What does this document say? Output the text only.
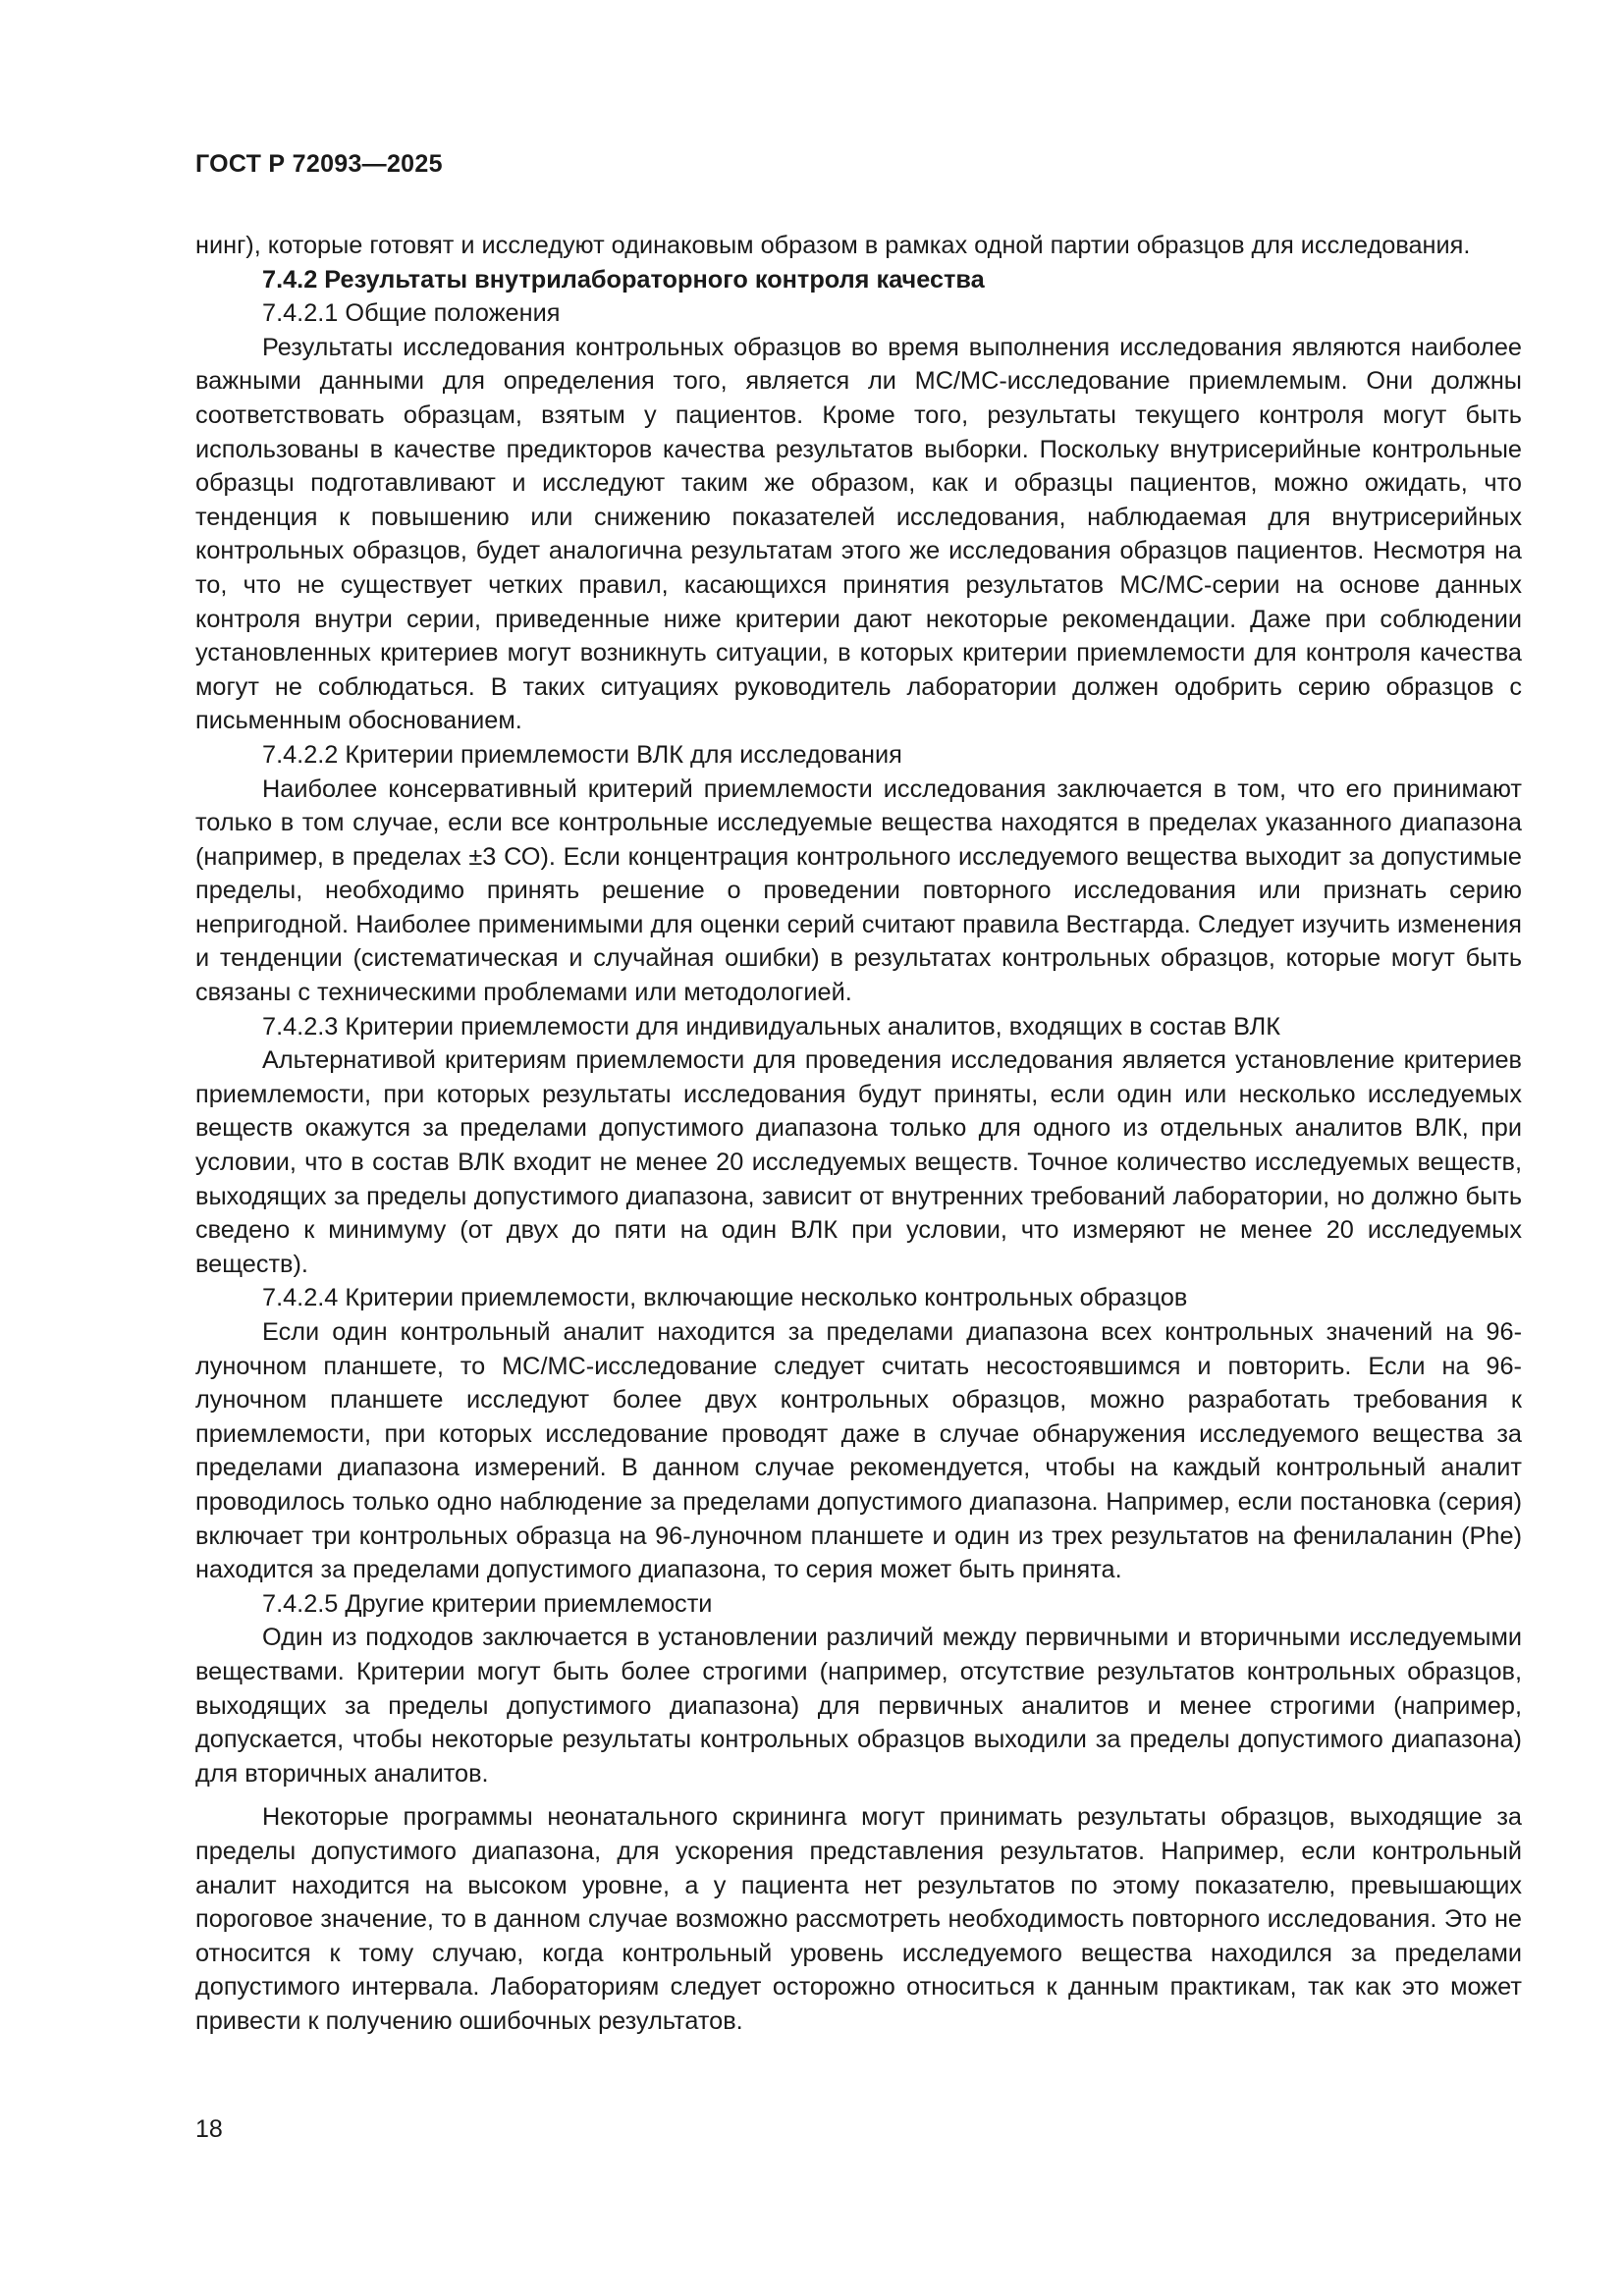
ГОСТ Р 72093—2025

нинг), которые готовят и исследуют одинаковым образом в рамках одной партии образцов для исследования.

7.4.2 Результаты внутрилабораторного контроля качества

7.4.2.1 Общие положения

Результаты исследования контрольных образцов во время выполнения исследования являются наиболее важными данными для определения того, является ли МС/МС-исследование приемлемым. Они должны соответствовать образцам, взятым у пациентов. Кроме того, результаты текущего контроля могут быть использованы в качестве предикторов качества результатов выборки. Поскольку внутрисерийные контрольные образцы подготавливают и исследуют таким же образом, как и образцы пациентов, можно ожидать, что тенденция к повышению или снижению показателей исследования, наблюдаемая для внутрисерийных контрольных образцов, будет аналогична результатам этого же исследования образцов пациентов. Несмотря на то, что не существует четких правил, касающихся принятия результатов МС/МС-серии на основе данных контроля внутри серии, приведенные ниже критерии дают некоторые рекомендации. Даже при соблюдении установленных критериев могут возникнуть ситуации, в которых критерии приемлемости для контроля качества могут не соблюдаться. В таких ситуациях руководитель лаборатории должен одобрить серию образцов с письменным обоснованием.

7.4.2.2 Критерии приемлемости ВЛК для исследования

Наиболее консервативный критерий приемлемости исследования заключается в том, что его принимают только в том случае, если все контрольные исследуемые вещества находятся в пределах указанного диапазона (например, в пределах ±3 СО). Если концентрация контрольного исследуемого вещества выходит за допустимые пределы, необходимо принять решение о проведении повторного исследования или признать серию непригодной. Наиболее применимыми для оценки серий считают правила Вестгарда. Следует изучить изменения и тенденции (систематическая и случайная ошибки) в результатах контрольных образцов, которые могут быть связаны с техническими проблемами или методологией.

7.4.2.3 Критерии приемлемости для индивидуальных аналитов, входящих в состав ВЛК

Альтернативой критериям приемлемости для проведения исследования является установление критериев приемлемости, при которых результаты исследования будут приняты, если один или несколько исследуемых веществ окажутся за пределами допустимого диапазона только для одного из отдельных аналитов ВЛК, при условии, что в состав ВЛК входит не менее 20 исследуемых веществ. Точное количество исследуемых веществ, выходящих за пределы допустимого диапазона, зависит от внутренних требований лаборатории, но должно быть сведено к минимуму (от двух до пяти на один ВЛК при условии, что измеряют не менее 20 исследуемых веществ).

7.4.2.4 Критерии приемлемости, включающие несколько контрольных образцов

Если один контрольный аналит находится за пределами диапазона всех контрольных значений на 96-луночном планшете, то МС/МС-исследование следует считать несостоявшимся и повторить. Если на 96-луночном планшете исследуют более двух контрольных образцов, можно разработать требования к приемлемости, при которых исследование проводят даже в случае обнаружения исследуемого вещества за пределами диапазона измерений. В данном случае рекомендуется, чтобы на каждый контрольный аналит проводилось только одно наблюдение за пределами допустимого диапазона. Например, если постановка (серия) включает три контрольных образца на 96-луночном планшете и один из трех результатов на фенилаланин (Phe) находится за пределами допустимого диапазона, то серия может быть принята.

7.4.2.5 Другие критерии приемлемости

Один из подходов заключается в установлении различий между первичными и вторичными исследуемыми веществами. Критерии могут быть более строгими (например, отсутствие результатов контрольных образцов, выходящих за пределы допустимого диапазона) для первичных аналитов и менее строгими (например, допускается, чтобы некоторые результаты контрольных образцов выходили за пределы допустимого диапазона) для вторичных аналитов.

Некоторые программы неонатального скрининга могут принимать результаты образцов, выходящие за пределы допустимого диапазона, для ускорения представления результатов. Например, если контрольный аналит находится на высоком уровне, а у пациента нет результатов по этому показателю, превышающих пороговое значение, то в данном случае возможно рассмотреть необходимость повторного исследования. Это не относится к тому случаю, когда контрольный уровень исследуемого вещества находился за пределами допустимого интервала. Лабораториям следует осторожно относиться к данным практикам, так как это может привести к получению ошибочных результатов.

18
